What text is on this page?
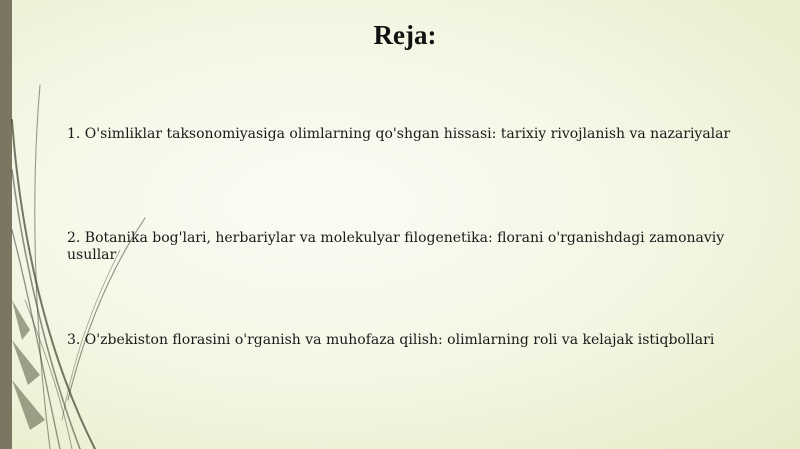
Reja:

1. O'simliklar taksonomiyasiga olimlarning qo'shgan hissasi: tarixiy rivojlanish va nazariyalar

2. Botanika bog'lari, herbariylar va molekulyar filogenetika: florani o'rganishdagi zamonaviy usullar

3. O'zbekiston florasini o'rganish va muhofaza qilish: olimlarning roli va kelajak istiqbollari
